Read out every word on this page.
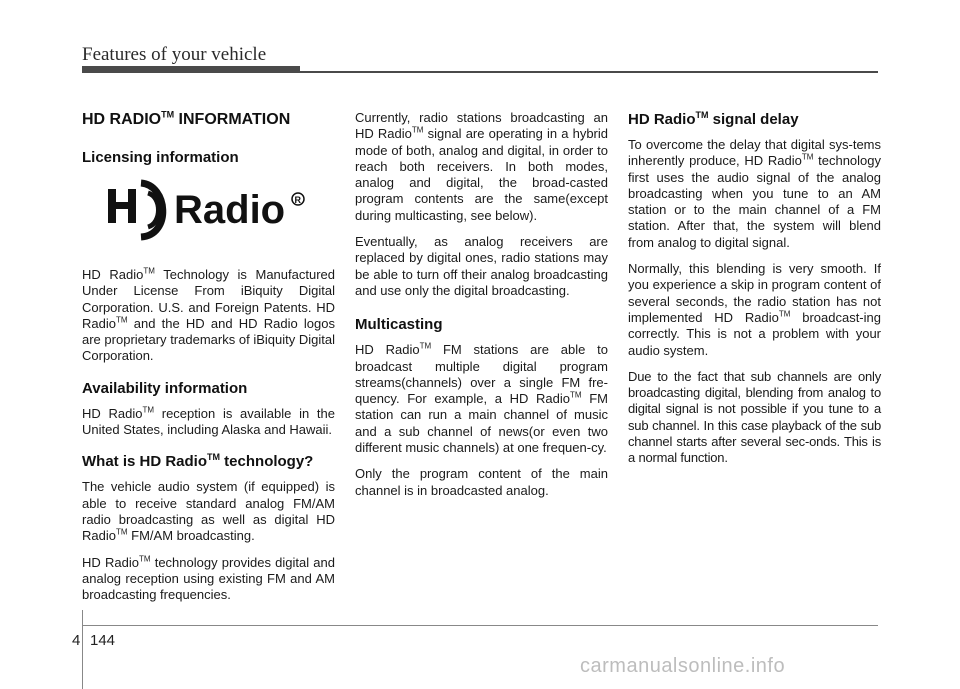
Features of your vehicle
HD RADIO™ INFORMATION
Licensing information
Radio R

HD Radio™ Technology is Manufactured Under License From iBiquity Digital Corporation. U.S. and Foreign Patents. HD Radio™ and the HD and HD Radio logos are proprietary trademarks of iBiquity Digital Corporation.

Availability information

HD Radio™ reception is available in the United States, including Alaska and Hawaii.

What is HD Radio™ technology?

The vehicle audio system (if equipped) is able to receive standard analog FM/AM radio broadcasting as well as digital HD Radio™ FM/AM broadcasting.

HD Radio™ technology provides digital and analog reception using existing FM and AM broadcasting frequencies.

Currently, radio stations broadcasting an HD Radio™ signal are operating in a hybrid mode of both, analog and digital, in order to reach both receivers. In both modes, analog and digital, the broad-casted program contents are the same(except during multicasting, see below).

Eventually, as analog receivers are replaced by digital ones, radio stations may be able to turn off their analog broadcasting and use only the digital broadcasting.

Multicasting

HD Radio™ FM stations are able to broadcast multiple digital program streams(channels) over a single FM fre-quency. For example, a HD Radio™ FM station can run a main channel of music and a sub channel of news(or even two different music channels) at one frequen-cy.

Only the program content of the main channel is in broadcasted analog.

HD Radio™ signal delay

To overcome the delay that digital sys-tems inherently produce, HD Radio™ technology first uses the audio signal of the analog broadcasting when you tune to an AM station or to the main channel of a FM station. After that, the system will blend from analog to digital signal.

Normally, this blending is very smooth. If you experience a skip in program content of several seconds, the radio station has not implemented HD Radio™ broadcast-ing correctly. This is not a problem with your audio system.

Due to the fact that sub channels are only broadcasting digital, blending from analog to digital signal is not possible if you tune to a sub channel. In this case playback of the sub channel starts after several sec-onds. This is a normal function.

4 144
carmanualsonline.info
